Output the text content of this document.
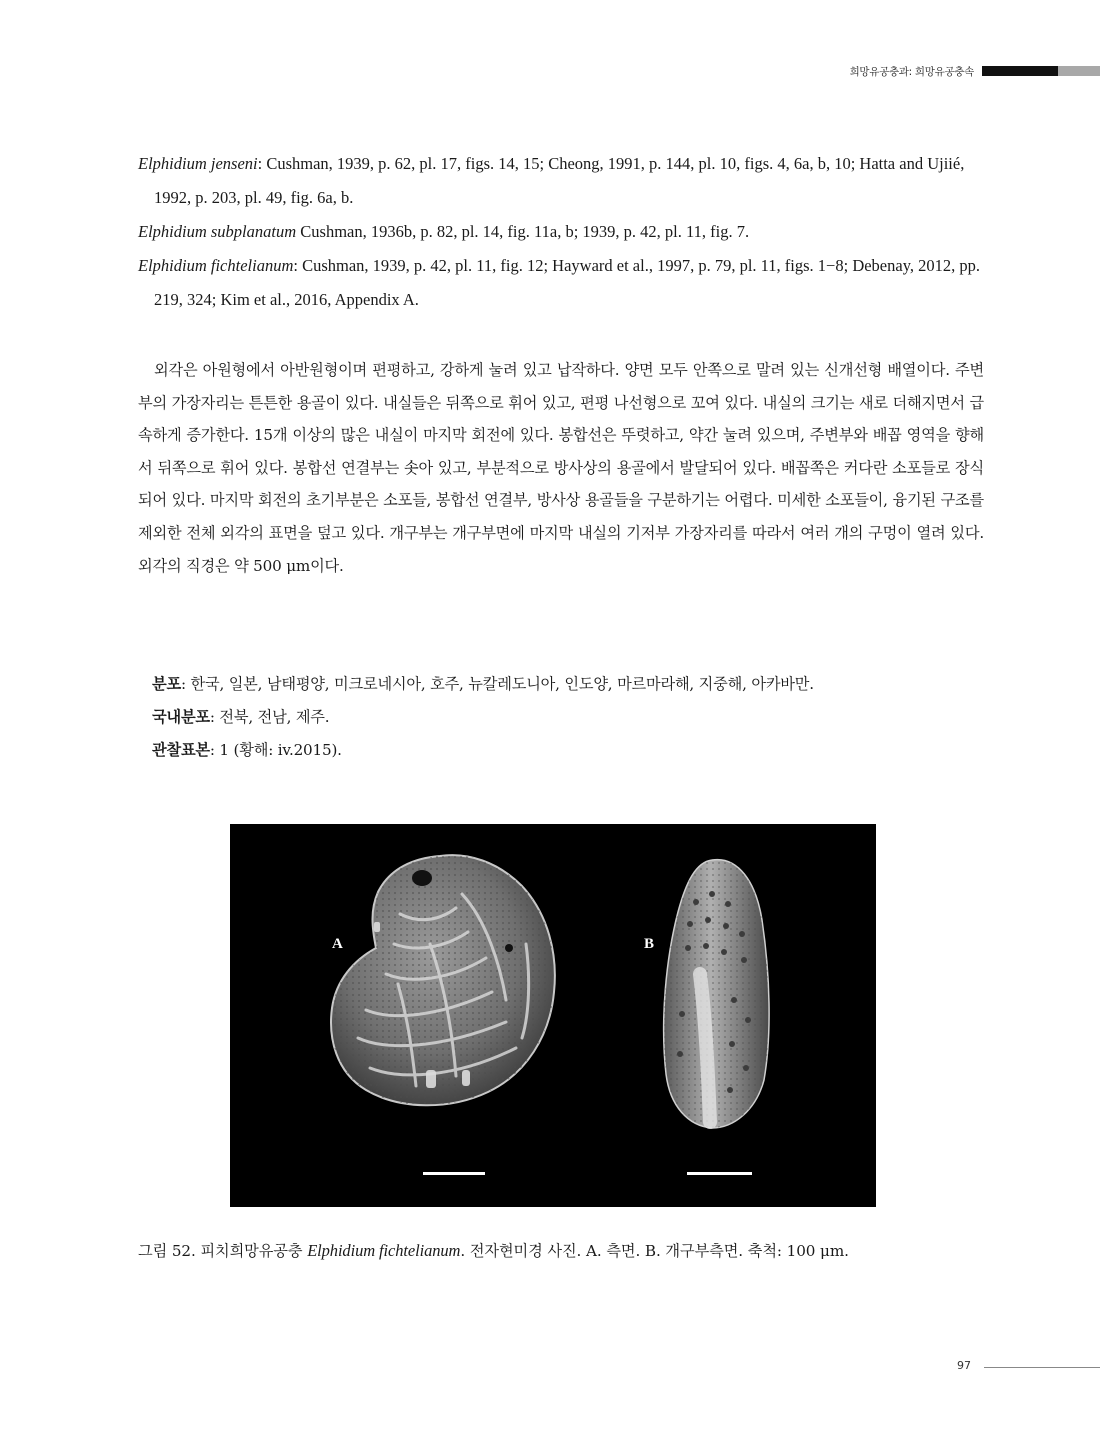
희망유공충과: 희망유공충속

Elphidium jenseni: Cushman, 1939, p. 62, pl. 17, figs. 14, 15; Cheong, 1991, p. 144, pl. 10, figs. 4, 6a, b, 10; Hatta and Ujiié, 1992, p. 203, pl. 49, fig. 6a, b.

Elphidium subplanatum Cushman, 1936b, p. 82, pl. 14, fig. 11a, b; 1939, p. 42, pl. 11, fig. 7.

Elphidium fichtelianum: Cushman, 1939, p. 42, pl. 11, fig. 12; Hayward et al., 1997, p. 79, pl. 11, figs. 1−8; Debenay, 2012, pp. 219, 324; Kim et al., 2016, Appendix A.

외각은 아원형에서 아반원형이며 편평하고, 강하게 눌려 있고 납작하다. 양면 모두 안쪽으로 말려 있는 신개선형 배열이다. 주변부의 가장자리는 튼튼한 용골이 있다. 내실들은 뒤쪽으로 휘어 있고, 편평 나선형으로 꼬여 있다. 내실의 크기는 새로 더해지면서 급속하게 증가한다. 15개 이상의 많은 내실이 마지막 회전에 있다. 봉합선은 뚜렷하고, 약간 눌려 있으며, 주변부와 배꼽 영역을 향해서 뒤쪽으로 휘어 있다. 봉합선 연결부는 솟아 있고, 부분적으로 방사상의 용골에서 발달되어 있다. 배꼽쪽은 커다란 소포들로 장식되어 있다. 마지막 회전의 초기부분은 소포들, 봉합선 연결부, 방사상 용골들을 구분하기는 어렵다. 미세한 소포들이, 융기된 구조를 제외한 전체 외각의 표면을 덮고 있다. 개구부는 개구부면에 마지막 내실의 기저부 가장자리를 따라서 여러 개의 구멍이 열려 있다. 외각의 직경은 약 500 μm이다.

분포: 한국, 일본, 남태평양, 미크로네시아, 호주, 뉴칼레도니아, 인도양, 마르마라해, 지중해, 아카바만.

국내분포: 전북, 전남, 제주.

관찰표본: 1 (황해: iv.2015).

A	B

그림 52. 피치희망유공충 Elphidium fichtelianum. 전자현미경 사진. A. 측면. B. 개구부측면. 축척: 100 μm.

97
